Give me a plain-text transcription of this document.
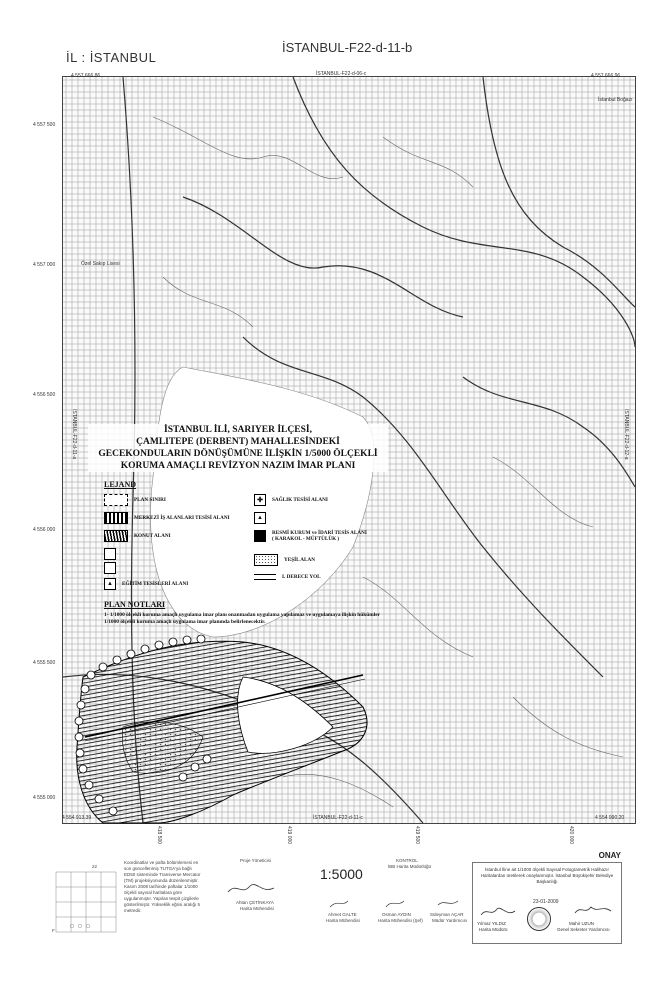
İL : İSTANBUL
İSTANBUL-F22-d-11-b
4 557 666.86	4 557 666.96
İSTANBUL-F22-d-06-c
İSTANBUL-F22-d-11-c
4 554 913.39	4 554 990.20
İstanbul Boğazı
Özel Sakıp Lisesi
İSTANBUL-F22-d-11-a	İSTANBUL-F22-d-12-a
4 557 500
4 557 000
4 556 500
4 556 000
4 555 500
4 555 000
418 500	419 000	419 500	420 000
İSTANBUL İLİ, SARIYER İLÇESİ,
ÇAMLITEPE (DERBENT) MAHALLESİNDEKİ
GECEKONDULARIN DÖNÜŞÜMÜNE İLİŞKİN 1/5000 ÖLÇEKLİ
KORUMA AMAÇLI REVİZYON NAZIM İMAR PLANI
LEJAND
PLAN SINIRI
MERKEZİ İŞ ALANLARI TESİSİ ALANI
KONUT ALANI
▲	EĞİTİM TESİSLERİ ALANI
✚	SAĞLIK TESİSİ ALANI
▲
RESMİ KURUM ve İDARİ TESİS ALANI
( KARAKOL - MÜFTÜLÜK )
YEŞİL ALAN
I. DERECE YOL
PLAN NOTLARI
1- 1/1000 ölçekli koruma amaçlı uygulama imar planı onanmadan uygulama yapılamaz ve uygulamaya ilişkin hükümler 1/1000 ölçekli koruma amaçlı uygulama imar planında belirlenecektir.
22
F
Koordinatlar ve pafta bölümlemesi en son güncellenmiş TUTGA'ya bağlı ED50 sisteminde Transverse Mercator (TM) projeksiyonunda düzenlenmiştir. Kasım 2008 tarihinde paftalar 1/1000 ölçekli sayısal haritalara göre uygulanmıştır. Yapılan tespit çizgilerle gösterilmiştir. Yükseklik eğrisi aralığı 5 metredir.
Proje Yöneticisi
Ahtan ÇETİNKAYA
Harita Mühendisi
1:5000
KONTROL
İBB Harita Müdürlüğü
Ahmet GALTE
Harita Mühendisi
Osman AYDIN
Harita Mühendisi (Şef)
Süleyman AÇAR
Müdür Yardımcısı
ONAY
İstanbul İline ait 1/1000 ölçekli Sayısal Fotogrametrik Halihazır Haritalardan üretilerek onaylanmıştır. İstanbul Büyükşehir Belediye Başkanlığı
23-01-2009
Yılmaz YILDIZ
Harita Müdürü
Mahir UZUN
Genel Sekreter Yardımcısı
